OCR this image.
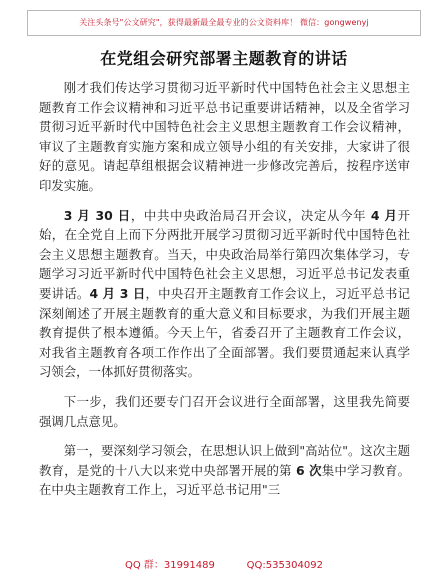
关注头条号"公文研究"，获得最新最全最专业的公文资料库！ 微信：gongwenyj
在党组会研究部署主题教育的讲话

刚才我们传达学习贯彻习近平新时代中国特色社会主义思想主题教育工作会议精神和习近平总书记重要讲话精神，以及全省学习贯彻习近平新时代中国特色社会主义思想主题教育工作会议精神，审议了主题教育实施方案和成立领导小组的有关安排，大家讲了很好的意见。请起草组根据会议精神进一步修改完善后，按程序送审印发实施。

3 月 30 日，中共中央政治局召开会议，决定从今年 4 月开始，在全党自上而下分两批开展学习贯彻习近平新时代中国特色社会主义思想主题教育。当天，中央政治局举行第四次集体学习，专题学习习近平新时代中国特色社会主义思想，习近平总书记发表重要讲话。4 月 3 日，中央召开主题教育工作会议上，习近平总书记深刻阐述了开展主题教育的重大意义和目标要求，为我们开展主题教育提供了根本遵循。今天上午，省委召开了主题教育工作会议，对我省主题教育各项工作作出了全面部署。我们要贯通起来认真学习领会，一体抓好贯彻落实。

下一步，我们还要专门召开会议进行全面部署，这里我先简要强调几点意见。

第一，要深刻学习领会，在思想认识上做到"高站位"。这次主题教育，是党的十八大以来党中央部署开展的第 6 次集中学习教育。在中央主题教育工作上，习近平总书记用"三

QQ 群：31991489          QQ:535304092
